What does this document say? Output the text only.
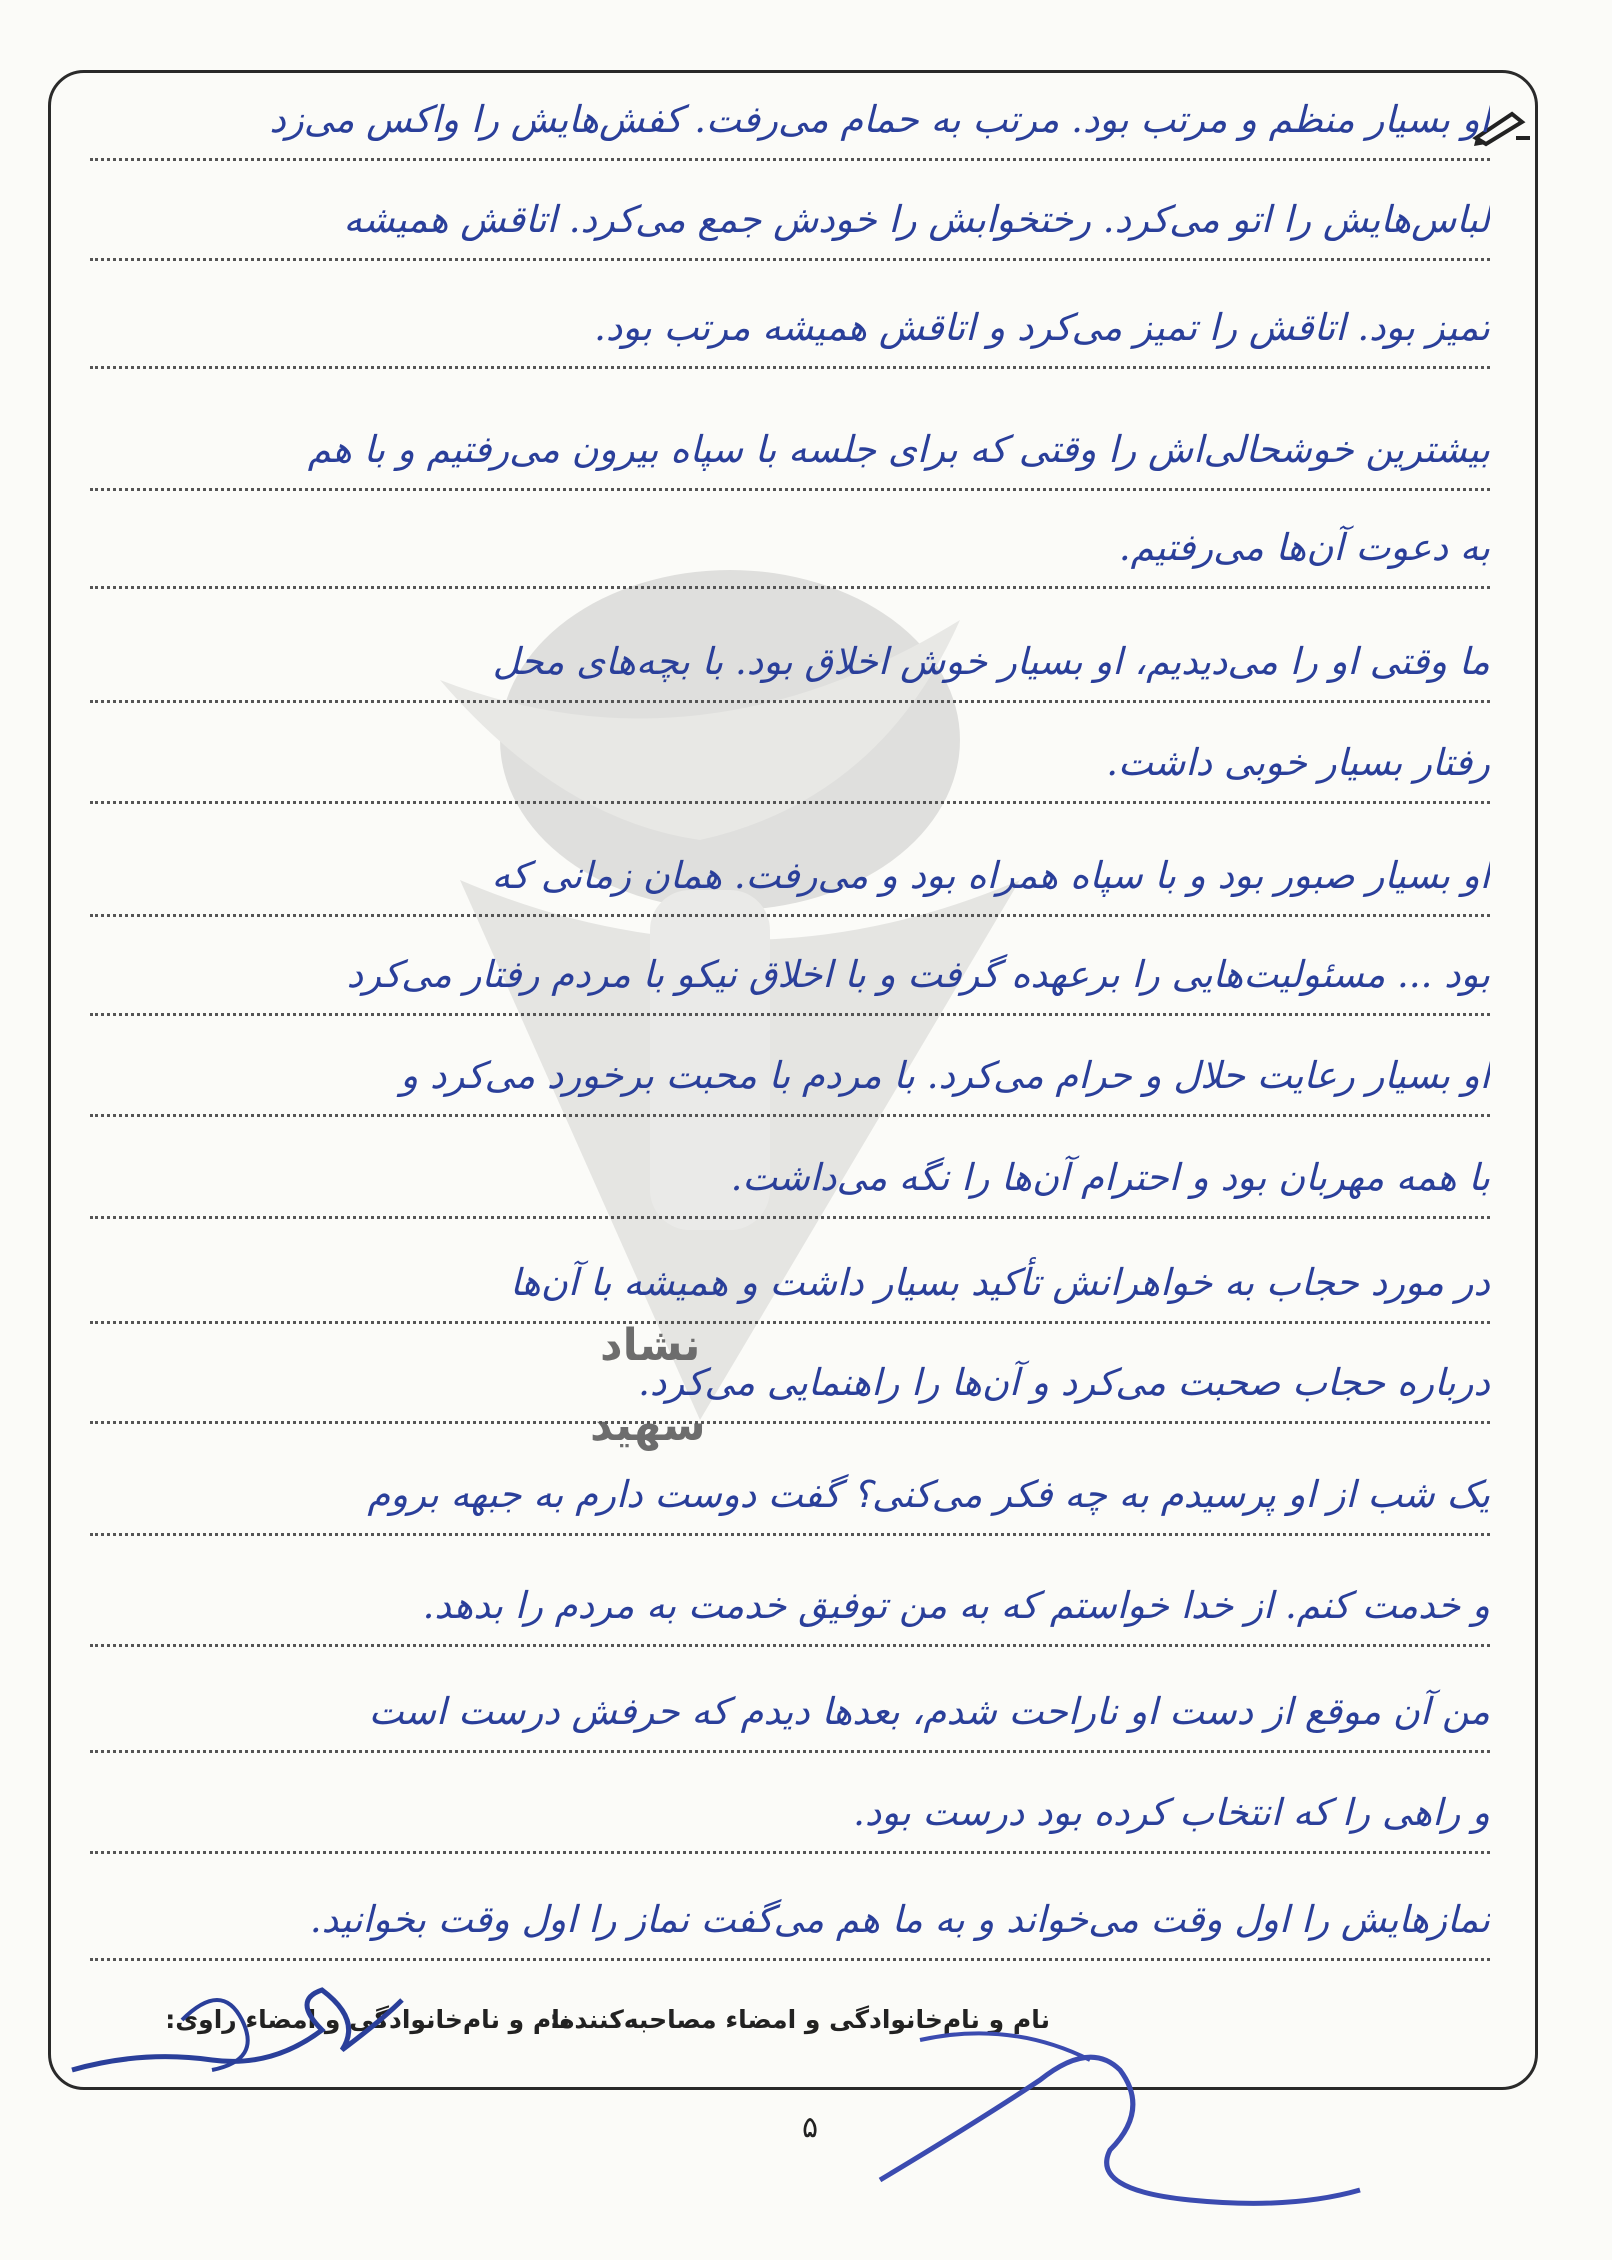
نشاد
سهید
او بسیار منظم و مرتب بود. مرتب به حمام می‌رفت. کفش‌هایش را واکس می‌زد
لباس‌هایش را اتو می‌کرد. رختخوابش را خودش جمع می‌کرد. اتاقش همیشه
تمیز بود. اتاقش را تمیز می‌کرد و اتاقش همیشه مرتب بود.
بیشترین خوشحالی‌اش را وقتی که برای جلسه با سپاه بیرون می‌رفتیم و با هم
به دعوت آن‌ها می‌رفتیم.
ما وقتی او را می‌دیدیم، او بسیار خوش اخلاق بود. با بچه‌های محل
رفتار بسیار خوبی داشت.
او بسیار صبور بود و با سپاه همراه بود و می‌رفت. همان زمانی که
بود ... مسئولیت‌هایی را برعهده گرفت و با اخلاق نیکو با مردم رفتار می‌کرد
او بسیار رعایت حلال و حرام می‌کرد. با مردم با محبت برخورد می‌کرد و
با همه مهربان بود و احترام آن‌ها را نگه می‌داشت.
در مورد حجاب به خواهرانش تأکید بسیار داشت و همیشه با آن‌ها
درباره حجاب صحبت می‌کرد و آن‌ها را راهنمایی می‌کرد.
یک شب از او پرسیدم به چه فکر می‌کنی؟ گفت دوست دارم به جبهه بروم
و خدمت کنم. از خدا خواستم که به من توفیق خدمت به مردم را بدهد.
من آن موقع از دست او ناراحت شدم، بعدها دیدم که حرفش درست است
و راهی را که انتخاب کرده بود درست بود.
نمازهایش را اول وقت می‌خواند و به ما هم می‌گفت نماز را اول وقت بخوانید.
نام و نام‌خانوادگی و امضاء مصاحبه‌کننده:
نام و نام‌خانوادگی و امضاء راوی:
۵
